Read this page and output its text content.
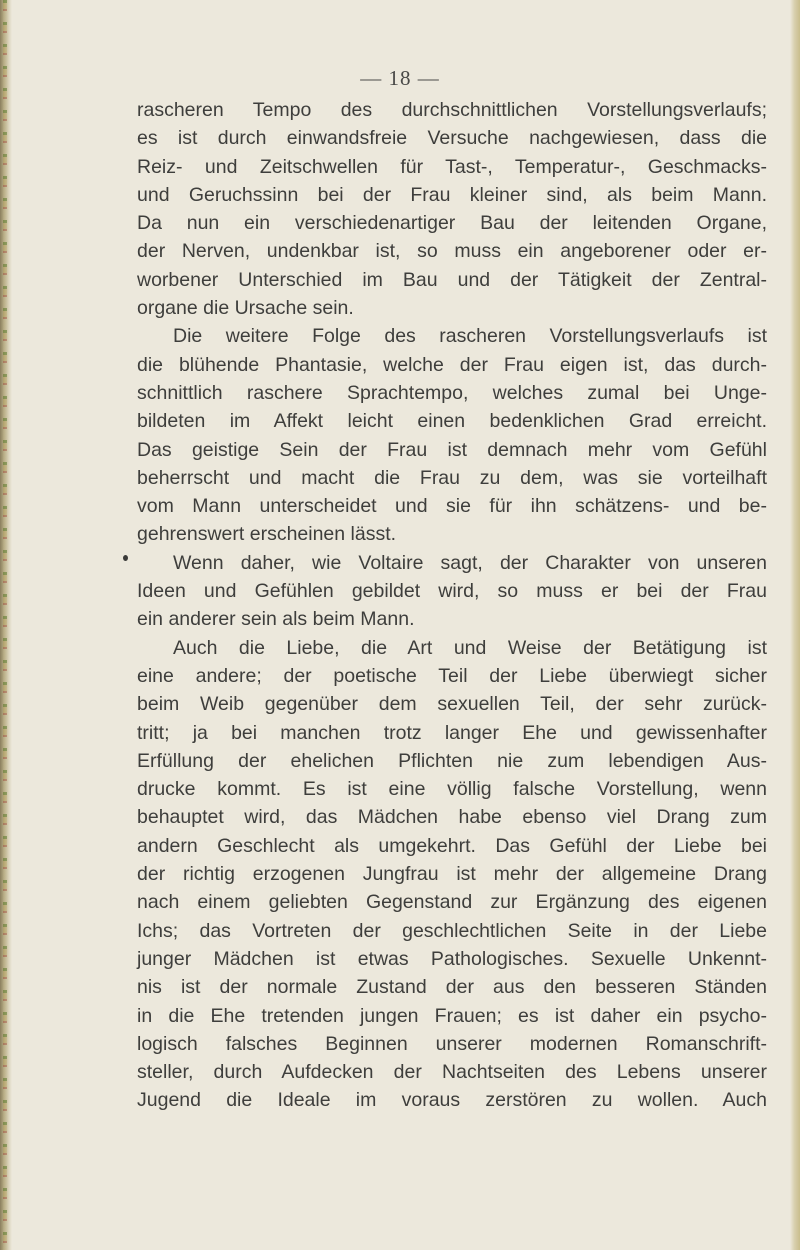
— 18 —
rascheren Tempo des durchschnittlichen Vorstellungsverlaufs;
es ist durch einwandsfreie Versuche nachgewiesen, dass die
Reiz- und Zeitschwellen für Tast-, Temperatur-, Geschmacks-
und Geruchssinn bei der Frau kleiner sind, als beim Mann.
Da nun ein verschiedenartiger Bau der leitenden Organe,
der Nerven, undenkbar ist, so muss ein angeborener oder er-
worbener Unterschied im Bau und der Tätigkeit der Zentral-
organe die Ursache sein.
Die weitere Folge des rascheren Vorstellungsverlaufs ist
die blühende Phantasie, welche der Frau eigen ist, das durch-
schnittlich raschere Sprachtempo, welches zumal bei Unge-
bildeten im Affekt leicht einen bedenklichen Grad erreicht.
Das geistige Sein der Frau ist demnach mehr vom Gefühl
beherrscht und macht die Frau zu dem, was sie vorteilhaft
vom Mann unterscheidet und sie für ihn schätzens- und be-
gehrenswert erscheinen lässt.
Wenn daher, wie Voltaire sagt, der Charakter von unseren
Ideen und Gefühlen gebildet wird, so muss er bei der Frau
ein anderer sein als beim Mann.
Auch die Liebe, die Art und Weise der Betätigung ist
eine andere; der poetische Teil der Liebe überwiegt sicher
beim Weib gegenüber dem sexuellen Teil, der sehr zurück-
tritt; ja bei manchen trotz langer Ehe und gewissenhafter
Erfüllung der ehelichen Pflichten nie zum lebendigen Aus-
drucke kommt. Es ist eine völlig falsche Vorstellung, wenn
behauptet wird, das Mädchen habe ebenso viel Drang zum
andern Geschlecht als umgekehrt. Das Gefühl der Liebe bei
der richtig erzogenen Jungfrau ist mehr der allgemeine Drang
nach einem geliebten Gegenstand zur Ergänzung des eigenen
Ichs; das Vortreten der geschlechtlichen Seite in der Liebe
junger Mädchen ist etwas Pathologisches. Sexuelle Unkennt-
nis ist der normale Zustand der aus den besseren Ständen
in die Ehe tretenden jungen Frauen; es ist daher ein psycho-
logisch falsches Beginnen unserer modernen Romanschrift-
steller, durch Aufdecken der Nachtseiten des Lebens unserer
Jugend die Ideale im voraus zerstören zu wollen. Auch
